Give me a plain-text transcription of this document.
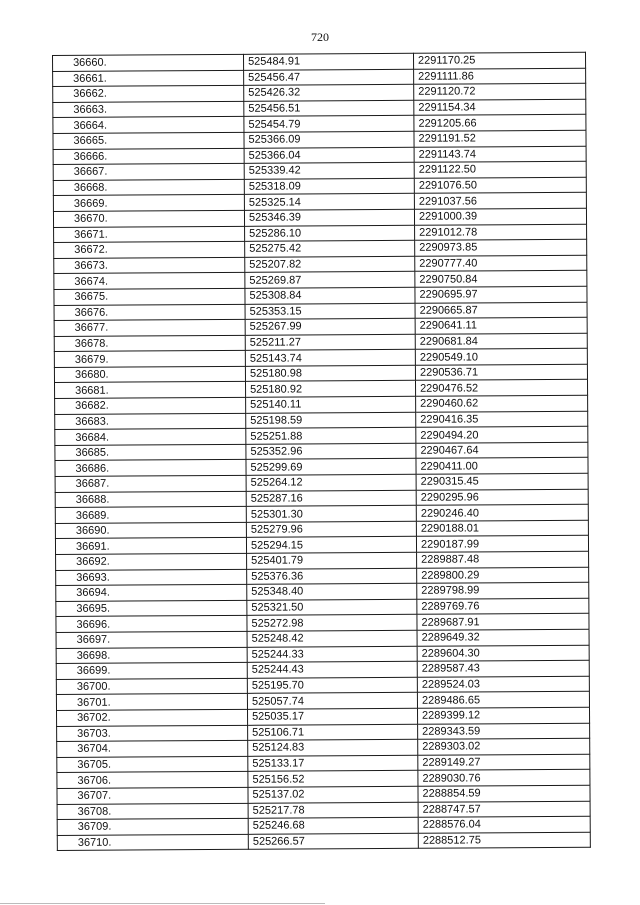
720
36660.	525484.91	2291170.25
36661.	525456.47	2291111.86
36662.	525426.32	2291120.72
36663.	525456.51	2291154.34
36664.	525454.79	2291205.66
36665.	525366.09	2291191.52
36666.	525366.04	2291143.74
36667.	525339.42	2291122.50
36668.	525318.09	2291076.50
36669.	525325.14	2291037.56
36670.	525346.39	2291000.39
36671.	525286.10	2291012.78
36672.	525275.42	2290973.85
36673.	525207.82	2290777.40
36674.	525269.87	2290750.84
36675.	525308.84	2290695.97
36676.	525353.15	2290665.87
36677.	525267.99	2290641.11
36678.	525211.27	2290681.84
36679.	525143.74	2290549.10
36680.	525180.98	2290536.71
36681.	525180.92	2290476.52
36682.	525140.11	2290460.62
36683.	525198.59	2290416.35
36684.	525251.88	2290494.20
36685.	525352.96	2290467.64
36686.	525299.69	2290411.00
36687.	525264.12	2290315.45
36688.	525287.16	2290295.96
36689.	525301.30	2290246.40
36690.	525279.96	2290188.01
36691.	525294.15	2290187.99
36692.	525401.79	2289887.48
36693.	525376.36	2289800.29
36694.	525348.40	2289798.99
36695.	525321.50	2289769.76
36696.	525272.98	2289687.91
36697.	525248.42	2289649.32
36698.	525244.33	2289604.30
36699.	525244.43	2289587.43
36700.	525195.70	2289524.03
36701.	525057.74	2289486.65
36702.	525035.17	2289399.12
36703.	525106.71	2289343.59
36704.	525124.83	2289303.02
36705.	525133.17	2289149.27
36706.	525156.52	2289030.76
36707.	525137.02	2288854.59
36708.	525217.78	2288747.57
36709.	525246.68	2288576.04
36710.	525266.57	2288512.75
